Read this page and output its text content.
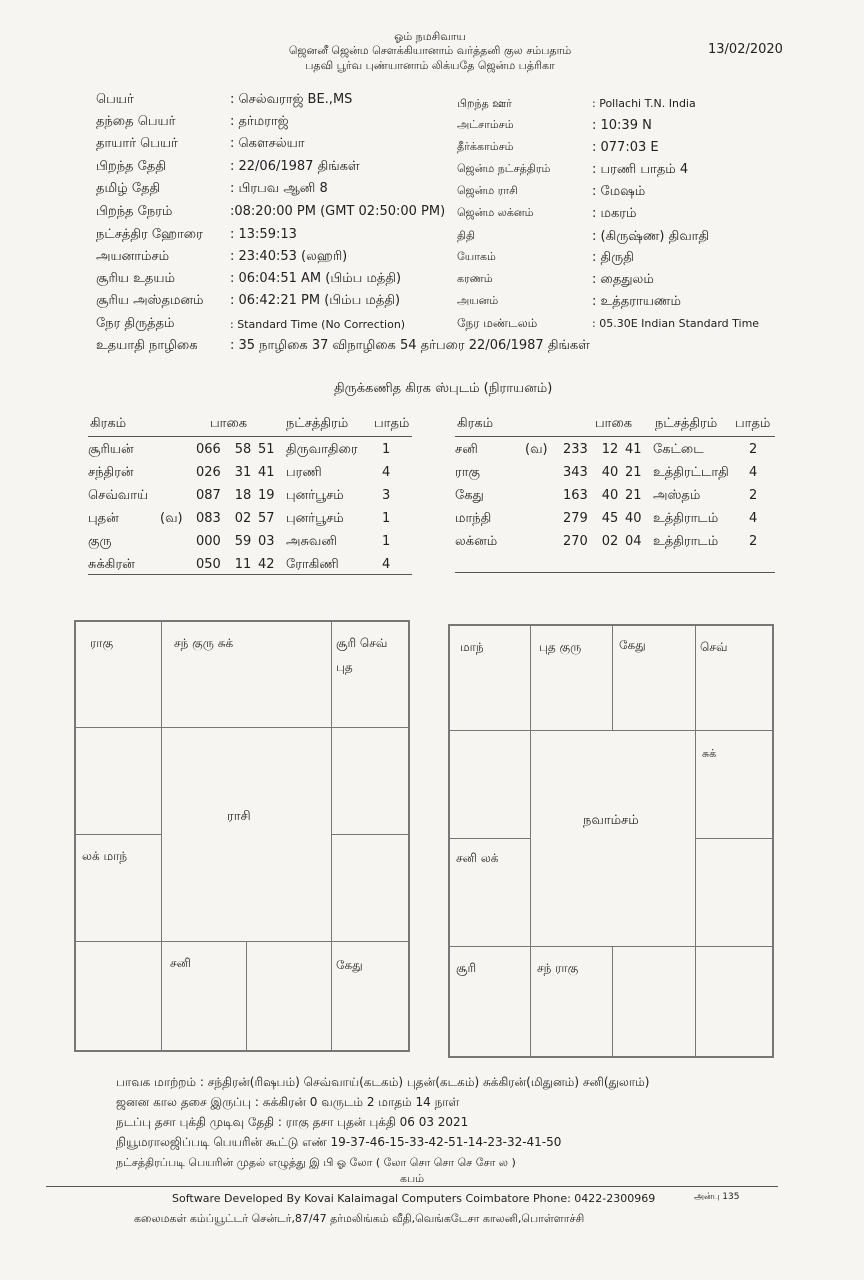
ஓம் நமசிவாய
ஜெனனீ ஜென்ம சௌக்கியானாம் வர்த்தனி குல சம்பதாம்
பதவி பூர்வ புண்யானாம் லிக்யதே ஜென்ம பத்ரிகா
13/02/2020
பெயர்	: செல்வராஜ் BE.,MS
தந்தை பெயர்	: தர்மராஜ்
தாயார் பெயர்	: கௌசல்யா
பிறந்த தேதி	: 22/06/1987 திங்கள்
தமிழ் தேதி	: பிரபவ ஆனி 8
பிறந்த நேரம்	:08:20:00 PM (GMT 02:50:00 PM)
நட்சத்திர ஹோரை : 13:59:13
அயனாம்சம்	: 23:40:53 (லஹரி)
சூரிய உதயம்	: 06:04:51 AM (பிம்ப மத்தி)
சூரிய அஸ்தமனம் : 06:42:21 PM (பிம்ப மத்தி)
நேர திருத்தம்	: Standard Time (No Correction)
பிறந்த ஊர்	: Pollachi T.N. India
அட்சாம்சம்	: 10:39 N
தீர்க்காம்சம்	: 077:03 E
ஜென்ம நட்சத்திரம்	: பரணி பாதம் 4
ஜென்ம ராசி	: மேஷம்
ஜென்ம லக்னம்	: மகரம்
திதி	: (கிருஷ்ண) திவாதி
யோகம்	: திருதி
கரணம்	: தைதுலம்
அயனம்	: உத்தராயணம்
நேர மண்டலம்	: 05.30E Indian Standard Time
உதயாதி நாழிகை : 35 நாழிகை 37 விநாழிகை 54 தர்பரை 22/06/1987 திங்கள்
திருக்கணித கிரக ஸ்புடம் (நிராயனம்)
கிரகம்	பாகை	நட்சத்திரம் பாதம்	கிரகம்	பாகை நட்சத்திரம் பாதம்
சூரியன்		066	58	51	திருவாதிரை	1
சந்திரன்		026	31	41	பரணி	4
செவ்வாய்		087	18	19	புனர்பூசம்	3
புதன்	(வ)	083	02	57	புனர்பூசம்	1
குரு		000	59	03	அசுவனி	1
சுக்கிரன்		050	11	42	ரோகிணி	4
சனி	(வ)	233	12	41	கேட்டை	2
ராகு		343	40	21	உத்திரட்டாதி	4
கேது		163	40	21	அஸ்தம்	2
மாந்தி		279	45	40	உத்திராடம்	4
லக்னம்		270	02	04	உத்திராடம்	2
ராகு	சந் குரு சுக்	சூரி செவ்
புத
லக் மாந்
சனி	கேது
ராசி
மாந்	புத குரு	கேது	செவ்
சுக்
சனி லக்
சூரி	சந் ராகு
நவாம்சம்
பாவக மாற்றம் : சந்திரன்(ரிஷபம்) செவ்வாய்(கடகம்) புதன்(கடகம்) சுக்கிரன்(மிதுனம்) சனி(துலாம்)
ஜனன கால தசை இருப்பு : சுக்கிரன் 0 வருடம் 2 மாதம் 14 நாள்
நடப்பு தசா புக்தி முடிவு தேதி : ராகு தசா புதன் புக்தி 06 03 2021
நியூமராலஜிப்படி பெயரின் கூட்டு எண் 19-37-46-15-33-42-51-14-23-32-41-50
நட்சத்திரப்படி பெயரின் முதல் எழுத்து இ பி ஓ லோ ( லோ சொ சொ செ சோ ல )
கபம்
Software Developed By Kovai Kalaimagal Computers Coimbatore Phone: 0422-2300969	அன்பு 135
கலைமகள் கம்ப்யூட்டர் சென்டர்,87/47 தர்மலிங்கம் வீதி,வெங்கடேசா காலனி,பொள்ளாச்சி
